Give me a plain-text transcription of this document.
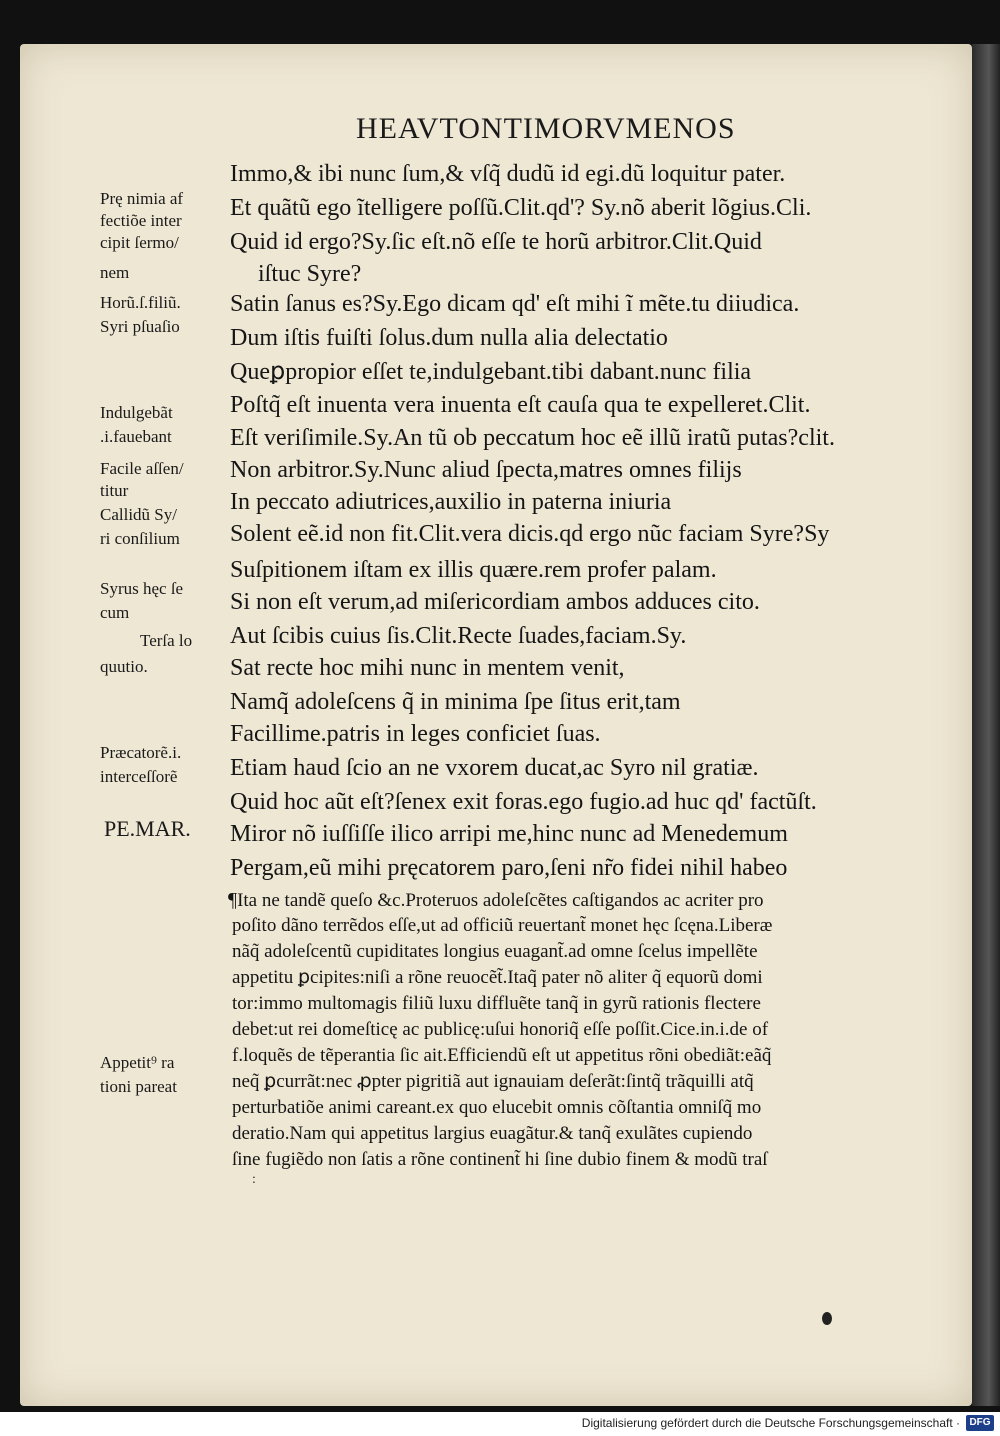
HEAVTONTIMORVMENOS
Immo,& ibi nunc ſum,& vſq̃ dudũ id egi.dũ loquitur pater.
Et quãtũ ego ĩtelligere poſſũ.Clit.qd'? Sy.nõ aberit lõgius.Cli.
Quid id ergo?Sy.ſic eſt.nõ eſſe te horũ arbitror.Clit.Quid
iſtuc Syre?
Satin ſanus es?Sy.Ego dicam qd' eſt mihi ĩ mẽte.tu diiudica.
Dum iſtis fuiſti ſolus.dum nulla alia delectatio
Queꝑpropior eſſet te,indulgebant.tibi dabant.nunc filia
Poſtq̃ eſt inuenta vera inuenta eſt cauſa qua te expelleret.Clit.
Eſt veriſimile.Sy.An tũ ob peccatum hoc eẽ illũ iratũ putas?clit.
Non arbitror.Sy.Nunc aliud ſpecta,matres omnes filijs
In peccato adiutrices,auxilio in paterna iniuria
Solent eẽ.id non fit.Clit.vera dicis.qd ergo nũc faciam Syre?Sy
Suſpitionem iſtam ex illis quære.rem profer palam.
Si non eſt verum,ad miſericordiam ambos adduces cito.
Aut ſcibis cuius ſis.Clit.Recte ſuades,faciam.Sy.
Sat recte hoc mihi nunc in mentem venit,
Namq̃ adoleſcens q̃ in minima ſpe ſitus erit,tam
Facillime.patris in leges conficiet ſuas.
Etiam haud ſcio an ne vxorem ducat,ac Syro nil gratiæ.
Quid hoc aũt eſt?ſenex exit foras.ego fugio.ad huc qd' factũſt.
Miror nõ iuſſiſſe ilico arripi me,hinc nunc ad Menedemum
Pergam,eũ mihi pręcatorem paro,ſeni nr̃o fidei nihil habeo
¶Ita ne tandẽ queſo &c.Proteruos adoleſcẽtes caſtigandos ac acriter pro
poſito dãno terrẽdos eſſe,ut ad officiũ reuertant̃ monet hęc ſcęna.Liberæ
nãq̃ adoleſcentũ cupiditates longius euagant̃.ad omne ſcelus impellẽte
appetitu ꝑcipites:niſi a rõne reuocẽt̃.Itaq̃ pater nõ aliter q̃ equorũ domi
tor:immo multomagis filiũ luxu diffluẽte tanq̃ in gyrũ rationis flectere
debet:ut rei domeſticę ac publicę:uſui honoriq̃ eſſe poſſit.Cice.in.i.de of
f.loquẽs de tẽperantia ſic ait.Efficiendũ eſt ut appetitus rõni obediãt:eãq̃
neq̃ ꝑcurrãt:nec ꝓpter pigritiã aut ignauiam deſerãt:ſintq̃ trãquilli atq̃
perturbatiõe animi careant.ex quo elucebit omnis cõſtantia omniſq̃ mo
deratio.Nam qui appetitus largius euagãtur.& tanq̃ exulãtes cupiendo
ſine fugiẽdo non ſatis a rõne continent̃ hi ſine dubio finem & modũ traſ
Prę nimia af
fectiõe inter
cipit ſermo/
nem
Horũ.ſ.filiũ.
Syri pſuaſio
Indulgebãt
.i.fauebant
Facile aſſen/
titur
Callidũ Sy/
ri conſilium
Syrus hęc ſe
cum
Terſa lo
quutio.
Præcatorẽ.i.
interceſſorẽ
Appetit⁹ ra
tioni pareat
PE.MAR.
:
Digitalisierung gefördert durch die Deutsche Forschungsgemeinschaft · DFG
